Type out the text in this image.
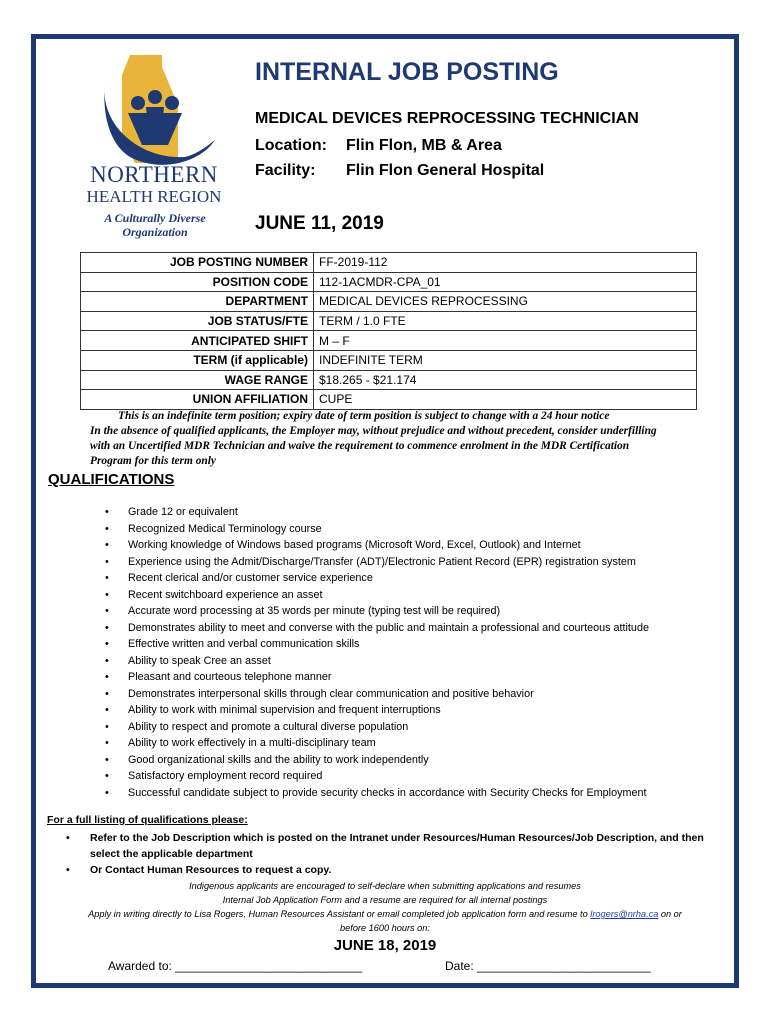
NORTHERN
HEALTH REGION
A Culturally Diverse Organization
INTERNAL JOB POSTING
MEDICAL DEVICES REPROCESSING TECHNICIAN
Location: Flin Flon, MB & Area
Facility: Flin Flon General Hospital
JUNE 11, 2019
JOB POSTING NUMBER	FF-2019-112
POSITION CODE	112-1ACMDR-CPA_01
DEPARTMENT	MEDICAL DEVICES REPROCESSING
JOB STATUS/FTE	TERM / 1.0 FTE
ANTICIPATED SHIFT	M – F
TERM (if applicable)	INDEFINITE TERM
WAGE RANGE	$18.265 - $21.174
UNION AFFILIATION	CUPE
This is an indefinite term position; expiry date of term position is subject to change with a 24 hour notice
In the absence of qualified applicants, the Employer may, without prejudice and without precedent, consider underfilling
with an Uncertified MDR Technician and waive the requirement to commence enrolment in the MDR Certification
Program for this term only
QUALIFICATIONS
• Grade 12 or equivalent
• Recognized Medical Terminology course
• Working knowledge of Windows based programs (Microsoft Word, Excel, Outlook) and Internet
• Experience using the Admit/Discharge/Transfer (ADT)/Electronic Patient Record (EPR) registration system
• Recent clerical and/or customer service experience
• Recent switchboard experience an asset
• Accurate word processing at 35 words per minute (typing test will be required)
• Demonstrates ability to meet and converse with the public and maintain a professional and courteous attitude
• Effective written and verbal communication skills
• Ability to speak Cree an asset
• Pleasant and courteous telephone manner
• Demonstrates interpersonal skills through clear communication and positive behavior
• Ability to work with minimal supervision and frequent interruptions
• Ability to respect and promote a cultural diverse population
• Ability to work effectively in a multi-disciplinary team
• Good organizational skills and the ability to work independently
• Satisfactory employment record required
• Successful candidate subject to provide security checks in accordance with Security Checks for Employment
For a full listing of qualifications please:
• Refer to the Job Description which is posted on the Intranet under Resources/Human Resources/Job Description, and then select the applicable department
• Or Contact Human Resources to request a copy.
Indigenous applicants are encouraged to self-declare when submitting applications and resumes
Internal Job Application Form and a resume are required for all internal postings
Apply in writing directly to Lisa Rogers, Human Resources Assistant or email completed job application form and resume to lrogers@nrha.ca on or
before 1600 hours on:
JUNE 18, 2019
Awarded to: ____________________________	Date: __________________________
